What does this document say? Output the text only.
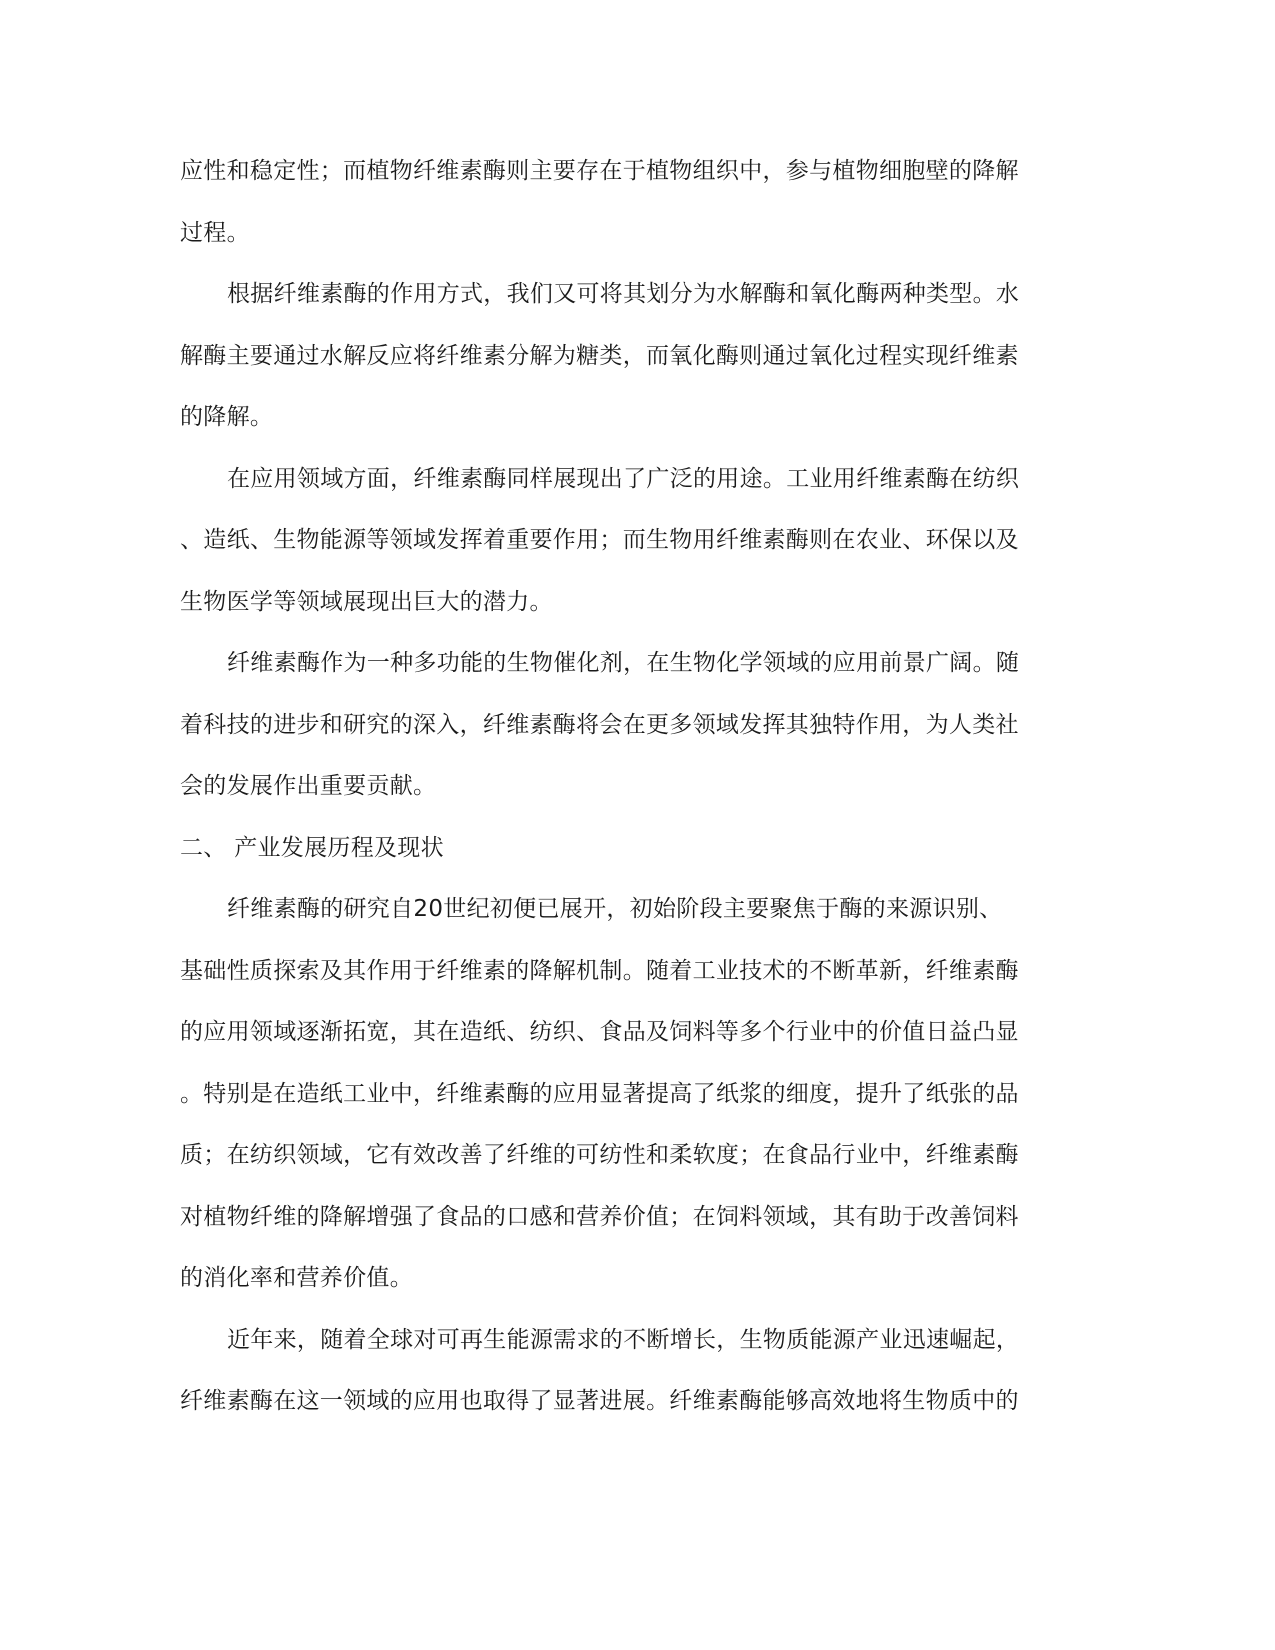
应性和稳定性；而植物纤维素酶则主要存在于植物组织中，参与植物细胞壁的降解
过程。
根据纤维素酶的作用方式，我们又可将其划分为水解酶和氧化酶两种类型。水
解酶主要通过水解反应将纤维素分解为糖类，而氧化酶则通过氧化过程实现纤维素
的降解。
在应用领域方面，纤维素酶同样展现出了广泛的用途。工业用纤维素酶在纺织
、造纸、生物能源等领域发挥着重要作用；而生物用纤维素酶则在农业、环保以及
生物医学等领域展现出巨大的潜力。
纤维素酶作为一种多功能的生物催化剂，在生物化学领域的应用前景广阔。随
着科技的进步和研究的深入，纤维素酶将会在更多领域发挥其独特作用，为人类社
会的发展作出重要贡献。
二、 产业发展历程及现状
纤维素酶的研究自20世纪初便已展开，初始阶段主要聚焦于酶的来源识别、
基础性质探索及其作用于纤维素的降解机制。随着工业技术的不断革新，纤维素酶
的应用领域逐渐拓宽，其在造纸、纺织、食品及饲料等多个行业中的价值日益凸显
。特别是在造纸工业中，纤维素酶的应用显著提高了纸浆的细度，提升了纸张的品
质；在纺织领域，它有效改善了纤维的可纺性和柔软度；在食品行业中，纤维素酶
对植物纤维的降解增强了食品的口感和营养价值；在饲料领域，其有助于改善饲料
的消化率和营养价值。
近年来，随着全球对可再生能源需求的不断增长，生物质能源产业迅速崛起，
纤维素酶在这一领域的应用也取得了显著进展。纤维素酶能够高效地将生物质中的
